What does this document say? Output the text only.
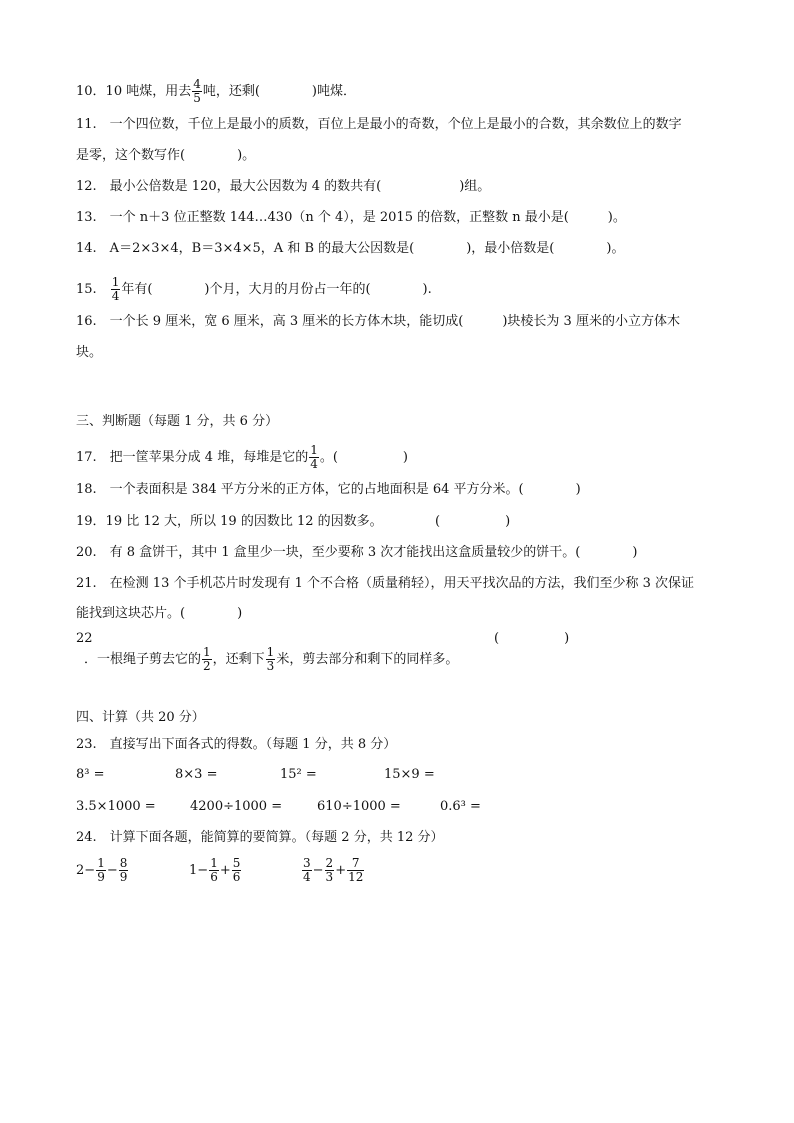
10．10 吨煤，用去 $\frac{4}{5}$ 吨，还剩(　　　　)吨煤．
11.　一个四位数，千位上是最小的质数，百位上是最小的奇数，个位上是最小的合数，其余数位上的数字
是零，这个数写作(　　　　)。
12.　最小公倍数是 120，最大公因数为 4 的数共有(　　　　　　)组。
13.　一个 n＋3 位正整数 144…430（n 个 4），是 2015 的倍数，正整数 n 最小是(　　　)。
14.　A＝2×3×4，B＝3×4×5，A 和 B 的最大公因数是(　　　　)，最小倍数是(　　　　)。
15.　 $\frac{1}{4}$ 年有(　　　　)个月，大月的月份占一年的(　　　　).
16.　一个长 9 厘米，宽 6 厘米，高 3 厘米的长方体木块，能切成(　　　)块棱长为 3 厘米的小立方体木
块。
三、判断题（每题 1 分，共 6 分）
17.　把一筐苹果分成 4 堆，每堆是它的 $\frac{1}{4}$ 。(　　　　　)
18.　一个表面积是 384 平方分米的正方体，它的占地面积是 64 平方分米。(　　　　)
19．19 比 12 大，所以 19 的因数比 12 的因数多。	(　　　　　)
20.　有 8 盒饼干，其中 1 盒里少一块，至少要称 3 次才能找出这盒质量较少的饼干。(　　　　)
21.　在检测 13 个手机芯片时发现有 1 个不合格（质量稍轻），用天平找次品的方法，我们至少称 3 次保证
能找到这块芯片。(　　　　)
22
．一根绳子剪去它的 $\frac{1}{2}$ ，还剩下 $\frac{1}{3}$ 米，剪去部分和剩下的同样多。
(　　　　　)
四、计算（共 20 分）
23.　直接写出下面各式的得数。（每题 1 分，共 8 分）
8³ =	8×3 =	15² =	15×9 =
3.5×1000 =	4200÷1000 =	610÷1000 =	0.6³ =
24.　计算下面各题，能简算的要简算。（每题 2 分，共 12 分）
$2- \frac{1}{9} - \frac{8}{9}$	$1- \frac{1}{6} + \frac{5}{6}$	$\frac{3}{4} - \frac{2}{3} + \frac{7}{12}$
